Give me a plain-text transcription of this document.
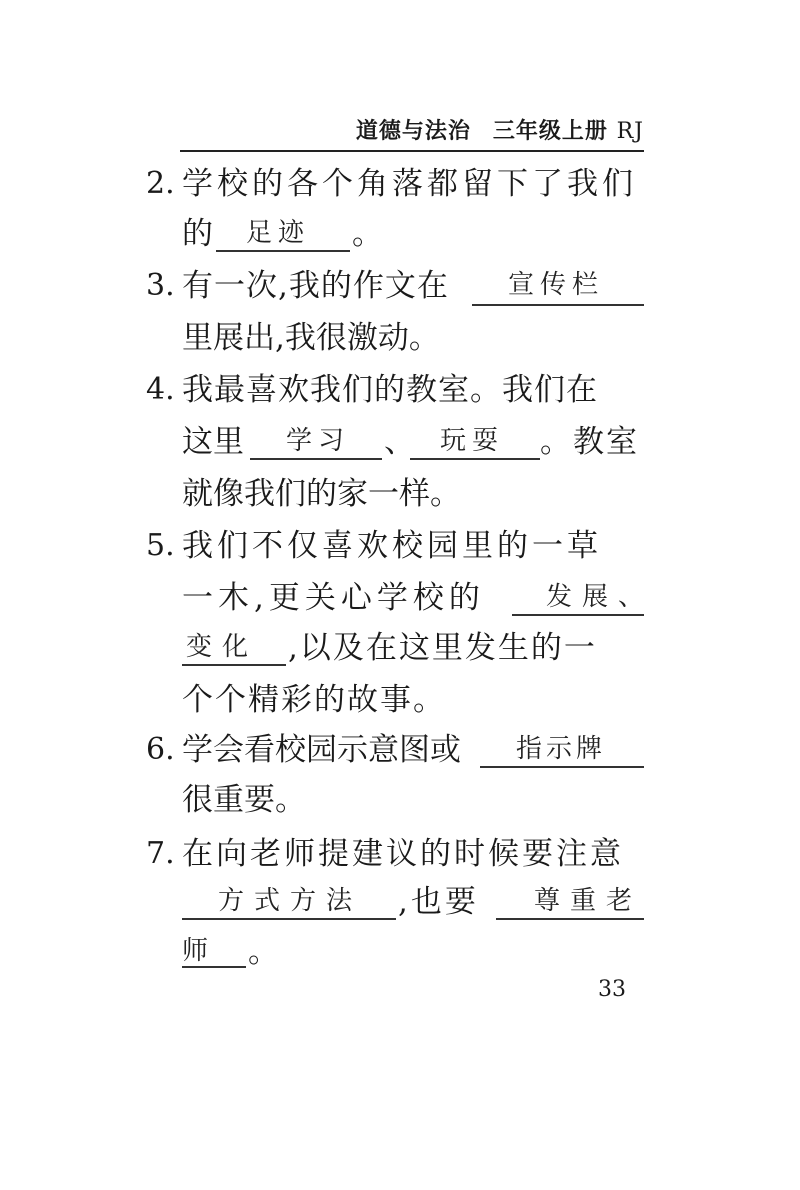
道德与法治 三年级上册 RJ
2. 学校的各个角落都留下了我们
的 足迹 。
3. 有一次,我的作文在 宣传栏
里展出,我很激动。
4. 我最喜欢我们的教室。我们在
这里 学习 、 玩耍 。教室
就像我们的家一样。
5. 我们不仅喜欢校园里的一草
一木,更关心学校的 发展、
变化 ,以及在这里发生的一
个个精彩的故事。
6. 学会看校园示意图或 指示牌
很重要。
7. 在向老师提建议的时候要注意
方式方法 ,也要 尊重老
师 。
33
